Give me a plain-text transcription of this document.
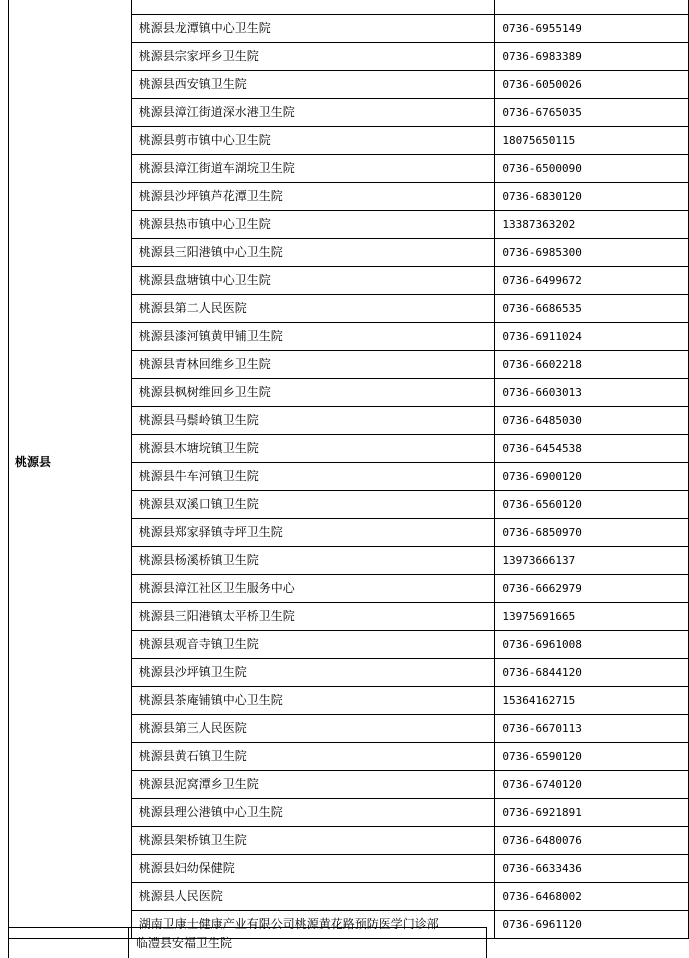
桃源县		
	桃源县龙潭镇中心卫生院	0736-6955149
	桃源县宗家坪乡卫生院	0736-6983389
	桃源县西安镇卫生院	0736-6050026
	桃源县漳江街道深水港卫生院	0736-6765035
	桃源县剪市镇中心卫生院	18075650115
	桃源县漳江街道车湖垸卫生院	0736-6500090
	桃源县沙坪镇芦花潭卫生院	0736-6830120
	桃源县热市镇中心卫生院	13387363202
	桃源县三阳港镇中心卫生院	0736-6985300
	桃源县盘塘镇中心卫生院	0736-6499672
	桃源县第二人民医院	0736-6686535
	桃源县漆河镇黄甲铺卫生院	0736-6911024
	桃源县青林回维乡卫生院	0736-6602218
	桃源县枫树维回乡卫生院	0736-6603013
	桃源县马鬃岭镇卫生院	0736-6485030
	桃源县木塘垸镇卫生院	0736-6454538
	桃源县牛车河镇卫生院	0736-6900120
	桃源县双溪口镇卫生院	0736-6560120
	桃源县郑家驿镇寺坪卫生院	0736-6850970
	桃源县杨溪桥镇卫生院	13973666137
	桃源县漳江社区卫生服务中心	0736-6662979
	桃源县三阳港镇太平桥卫生院	13975691665
	桃源县观音寺镇卫生院	0736-6961008
	桃源县沙坪镇卫生院	0736-6844120
	桃源县茶庵铺镇中心卫生院	15364162715
	桃源县第三人民医院	0736-6670113
	桃源县黄石镇卫生院	0736-6590120
	桃源县泥窝潭乡卫生院	0736-6740120
	桃源县理公港镇中心卫生院	0736-6921891
	桃源县架桥镇卫生院	0736-6480076
	桃源县妇幼保健院	0736-6633436
	桃源县人民医院	0736-6468002
	湖南卫康士健康产业有限公司桃源黄花路预防医学门诊部	0736-6961120
	临澧县安福卫生院
